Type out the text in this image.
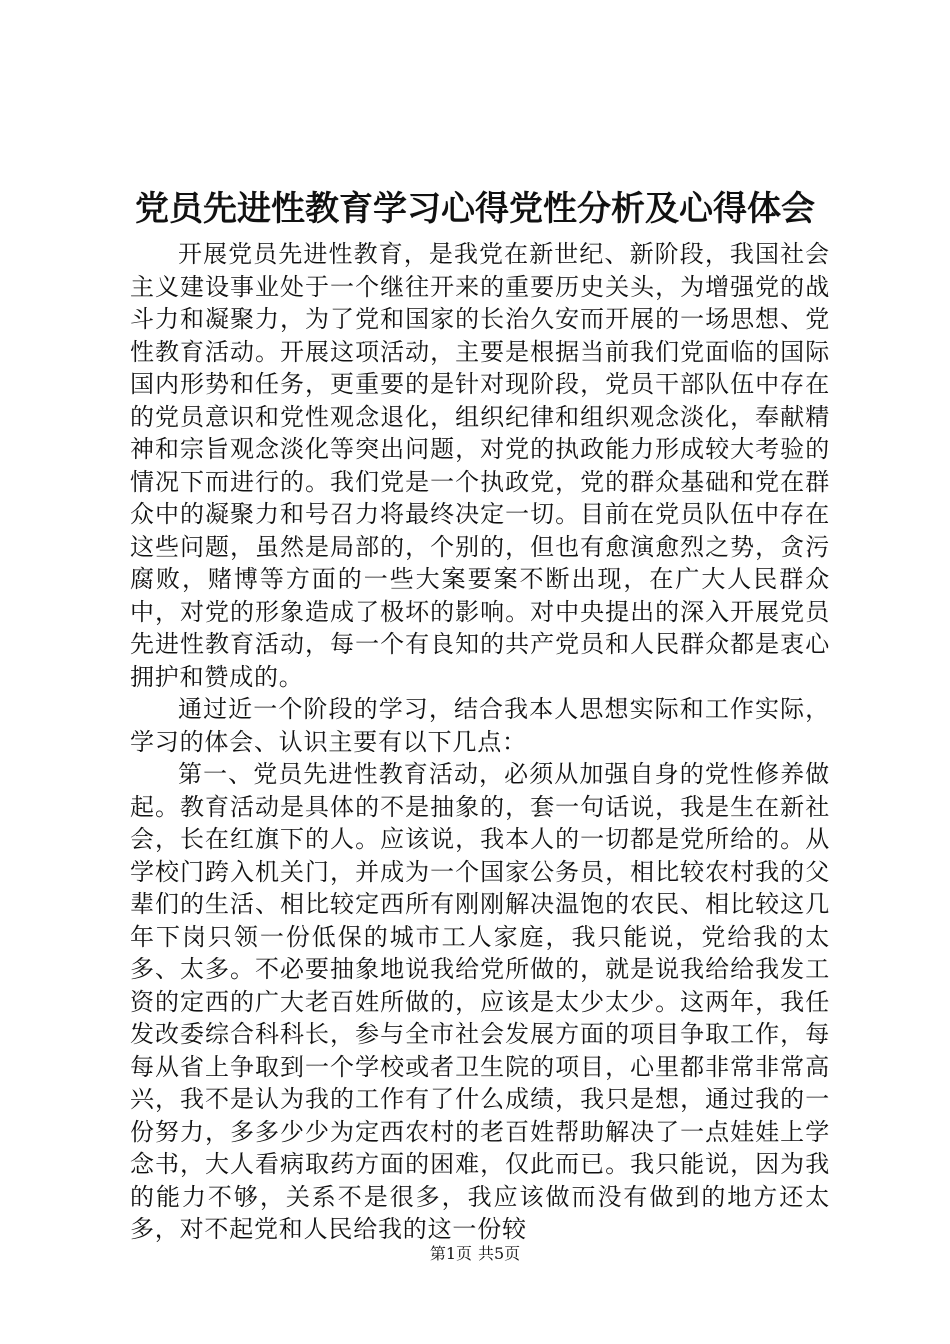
党员先进性教育学习心得党性分析及心得体会

开展党员先进性教育，是我党在新世纪、新阶段，我国社会主义建设事业处于一个继往开来的重要历史关头，为增强党的战斗力和凝聚力，为了党和国家的长治久安而开展的一场思想、党性教育活动。开展这项活动，主要是根据当前我们党面临的国际国内形势和任务，更重要的是针对现阶段，党员干部队伍中存在的党员意识和党性观念退化，组织纪律和组织观念淡化，奉献精神和宗旨观念淡化等突出问题，对党的执政能力形成较大考验的情况下而进行的。我们党是一个执政党，党的群众基础和党在群众中的凝聚力和号召力将最终决定一切。目前在党员队伍中存在这些问题，虽然是局部的，个别的，但也有愈演愈烈之势，贪污腐败，赌博等方面的一些大案要案不断出现，在广大人民群众中，对党的形象造成了极坏的影响。对中央提出的深入开展党员先进性教育活动，每一个有良知的共产党员和人民群众都是衷心拥护和赞成的。

通过近一个阶段的学习，结合我本人思想实际和工作实际，学习的体会、认识主要有以下几点：

第一、党员先进性教育活动，必须从加强自身的党性修养做起。教育活动是具体的不是抽象的，套一句话说，我是生在新社会，长在红旗下的人。应该说，我本人的一切都是党所给的。从学校门跨入机关门，并成为一个国家公务员，相比较农村我的父辈们的生活、相比较定西所有刚刚解决温饱的农民、相比较这几年下岗只领一份低保的城市工人家庭，我只能说，党给我的太多、太多。不必要抽象地说我给党所做的，就是说我给给我发工资的定西的广大老百姓所做的，应该是太少太少。这两年，我任发改委综合科科长，参与全市社会发展方面的项目争取工作，每每从省上争取到一个学校或者卫生院的项目，心里都非常非常高兴，我不是认为我的工作有了什么成绩，我只是想，通过我的一份努力，多多少少为定西农村的老百姓帮助解决了一点娃娃上学念书，大人看病取药方面的困难，仅此而已。我只能说，因为我的能力不够，关系不是很多，我应该做而没有做到的地方还太多，对不起党和人民给我的这一份较

第1页 共5页
